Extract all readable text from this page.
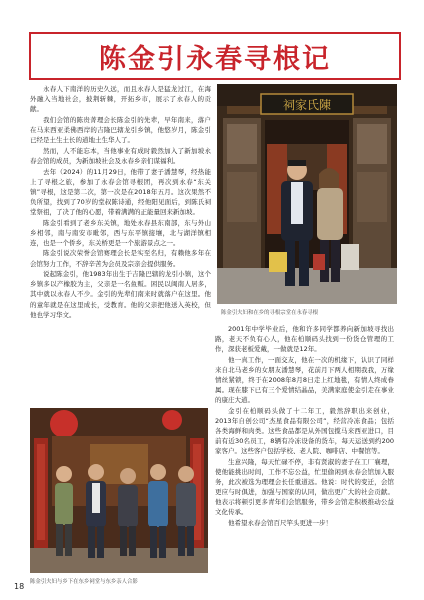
陈金引永春寻根记

永春人下南洋的历史久远，而且永春人是猛龙过江，在海外融入当地社会，披荆斩棘，开拓乡市，展示了永春人的贡献。

我们会馆的陈贵菁理会长陈金引的先辈，早年南来，落户在马来西亚柔佛西岸的吉隆巴辖龙引乡镇，他悠岁月，陈金引已经是土生土长的道地土生华人了。

然而，人不能忘本，当他事业有成时毅然加入了新加坡永春会馆的成员，为新加坡社会及永春乡亲们谋福利。

去年（2024）的11月29日，他带了妻子潘慧琴，经热能上了寻根之旅，参加了永春会馆寻根团，再次到永春“东关镇”寻根，这是第二次，第一次是在2018年五月。这次果然不负所望，找到了70岁的堂叔陈诗通，经他阳见面后，到陈氏祠堂祭祖，了决了他的心愿，带着满满的正能量回来新加坡。

陈金引看到了老乡东关镇，地处永春县东南部，东与外山乡相邻，南与南安市毗邻，西与东平镇接壤，北与湖洋镇相连，也是一个侨乡，东关桥更是一个旅游景点之一。

陈金引说次荣誉会馆赛理会长是实至名归，有赖他多年在会馆努力工作，不辞辛苦为会员及宗亲会提供服务。

说起陈金引，他1983年出生于吉隆巴辖的龙引小镇，这个乡镇多以产橡胶为主，父亲是一名鱼贩。困民以闽南人居多，其中就以永春人不少。金引的先辈们南来时就落户在这里。他的童年就是在这里成长，受教育。他的父亲把他送入英校，但他也学习华文。

祠家氏陳
陈金引夫妇和在乡的寻根宗堂在永春寻根

2001年中学毕业后，他和许多同学都养向新加坡寻找出路，老天不负有心人，他在柏顺码头找到一份货仓管理的工作，深获老板爱戴，一做就是12年。

他一真工作，一面交友，他在一次的机缘下，认识了同样来自北马老乡的女朋友潘慧琴，花前月下两人相期我我，万缘情丝紧锁，终于在2008年8月8日走上红地毯，有情人终成眷属。现在膝下已有三个爱情结晶品，美满家庭使金引走在事业的康庄大道。

金引在柏顺码头做了十二年工，毅然辞职出来创业，2013年自创公司“杰星食品有限公司”，经营冷冻食品；包括各类海鲜和肉类。这些食品都是从外国包揽马来西亚进口，目前有近30名员工，8辆有冷冻设备的货车，每天运送到约200家客户。这些客户包括学校、老人院、咖啡店、中餐馆等。

生意兴隆，每天忙碌不停，非有贤淑的妻子在工厂襄理，使他能挑出时间，工作不忘公益，忙里偷闲到永春会馆加入服务，此次被选为理理会长任重道远。他说：时代的变迁，会馆更应与时俱进，加强与国家的认同，做出更广大的社会贡献。他表示将顿引更多青年们会馆服务，带乡会馆走积极推动公益文化传承。

他希望永春会馆百尺竿头更进一步！

陈金引夫妇与乡下在东乡祠堂与东乡亲人合影
18
